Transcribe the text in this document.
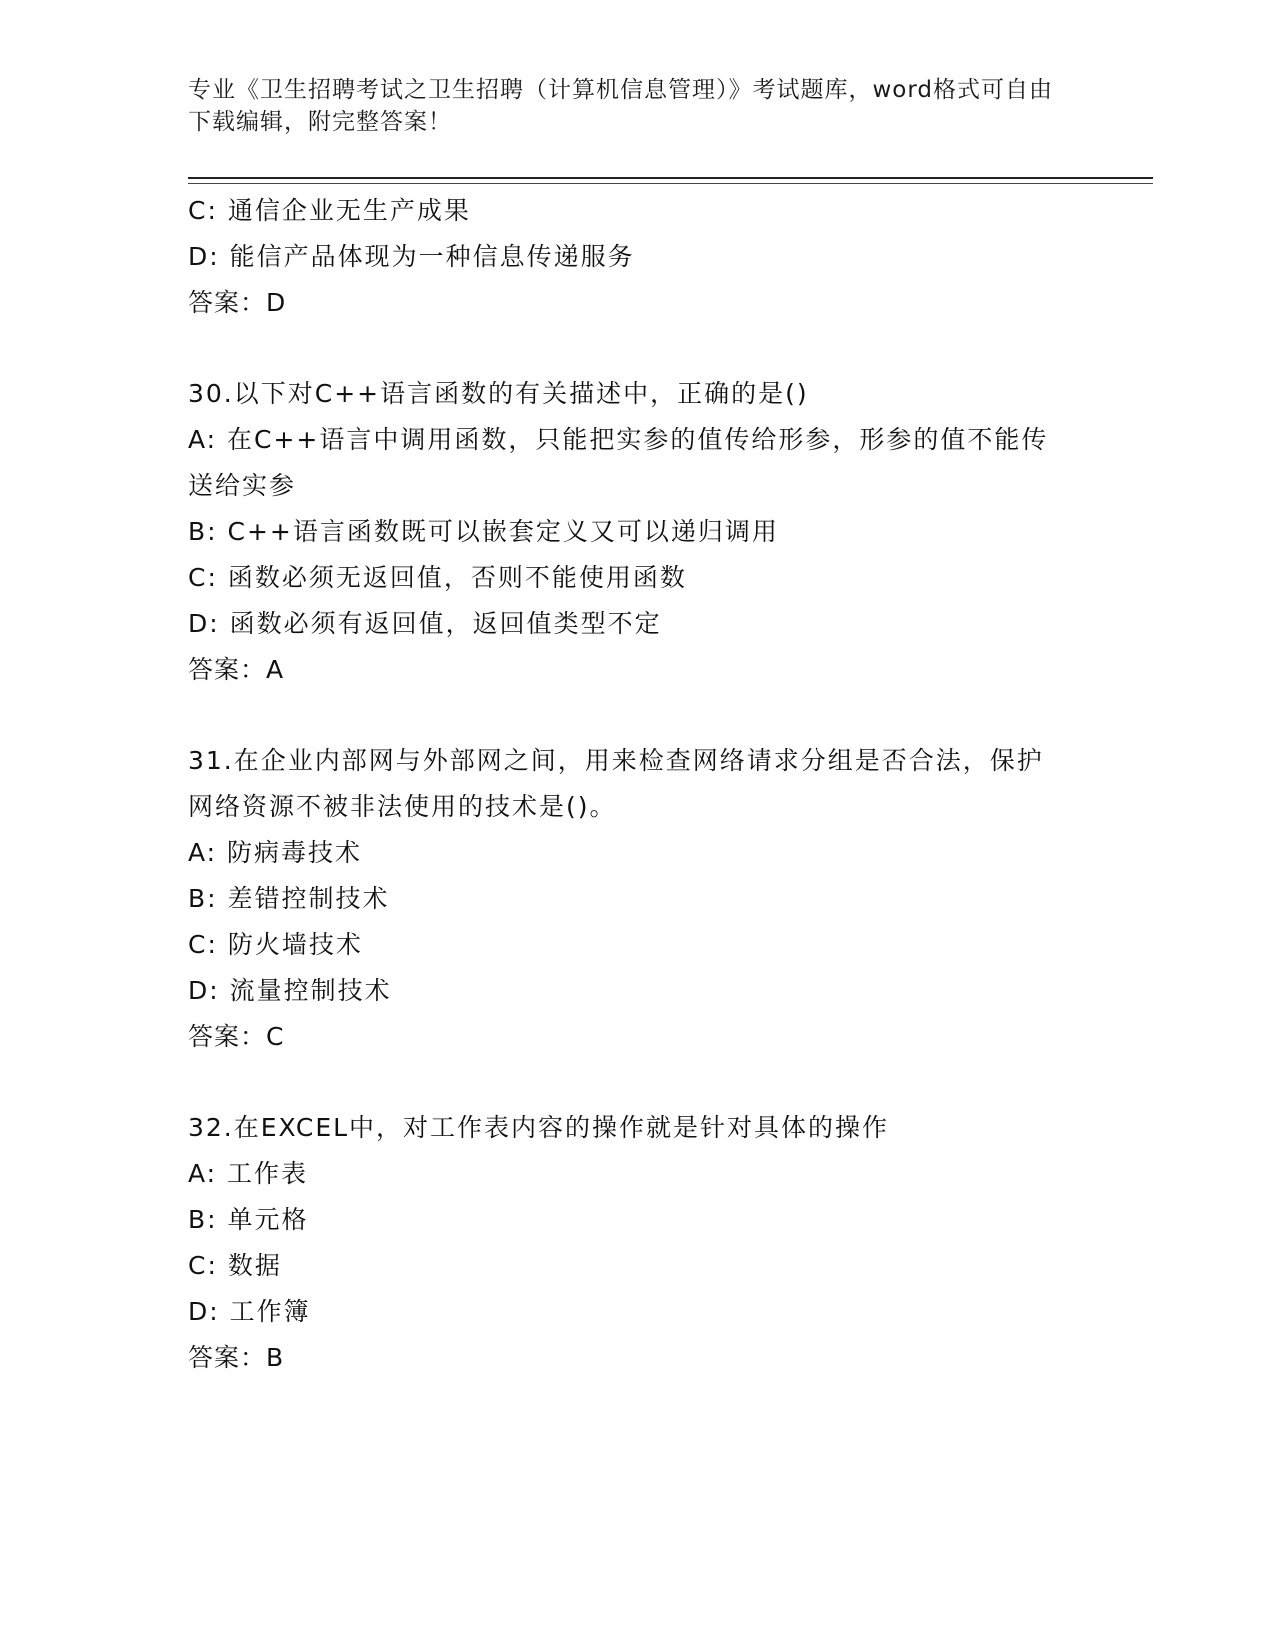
专业《卫生招聘考试之卫生招聘（计算机信息管理）》考试题库，word格式可自由下载编辑，附完整答案！
C: 通信企业无生产成果
D: 能信产品体现为一种信息传递服务
答案：D
30.以下对C++语言函数的有关描述中，正确的是()
A: 在C++语言中调用函数，只能把实参的值传给形参，形参的值不能传送给实参
B: C++语言函数既可以嵌套定义又可以递归调用
C: 函数必须无返回值，否则不能使用函数
D: 函数必须有返回值，返回值类型不定
答案：A
31.在企业内部网与外部网之间，用来检查网络请求分组是否合法，保护网络资源不被非法使用的技术是()。
A: 防病毒技术
B: 差错控制技术
C: 防火墙技术
D: 流量控制技术
答案：C
32.在EXCEL中，对工作表内容的操作就是针对具体的操作
A: 工作表
B: 单元格
C: 数据
D: 工作簿
答案：B
